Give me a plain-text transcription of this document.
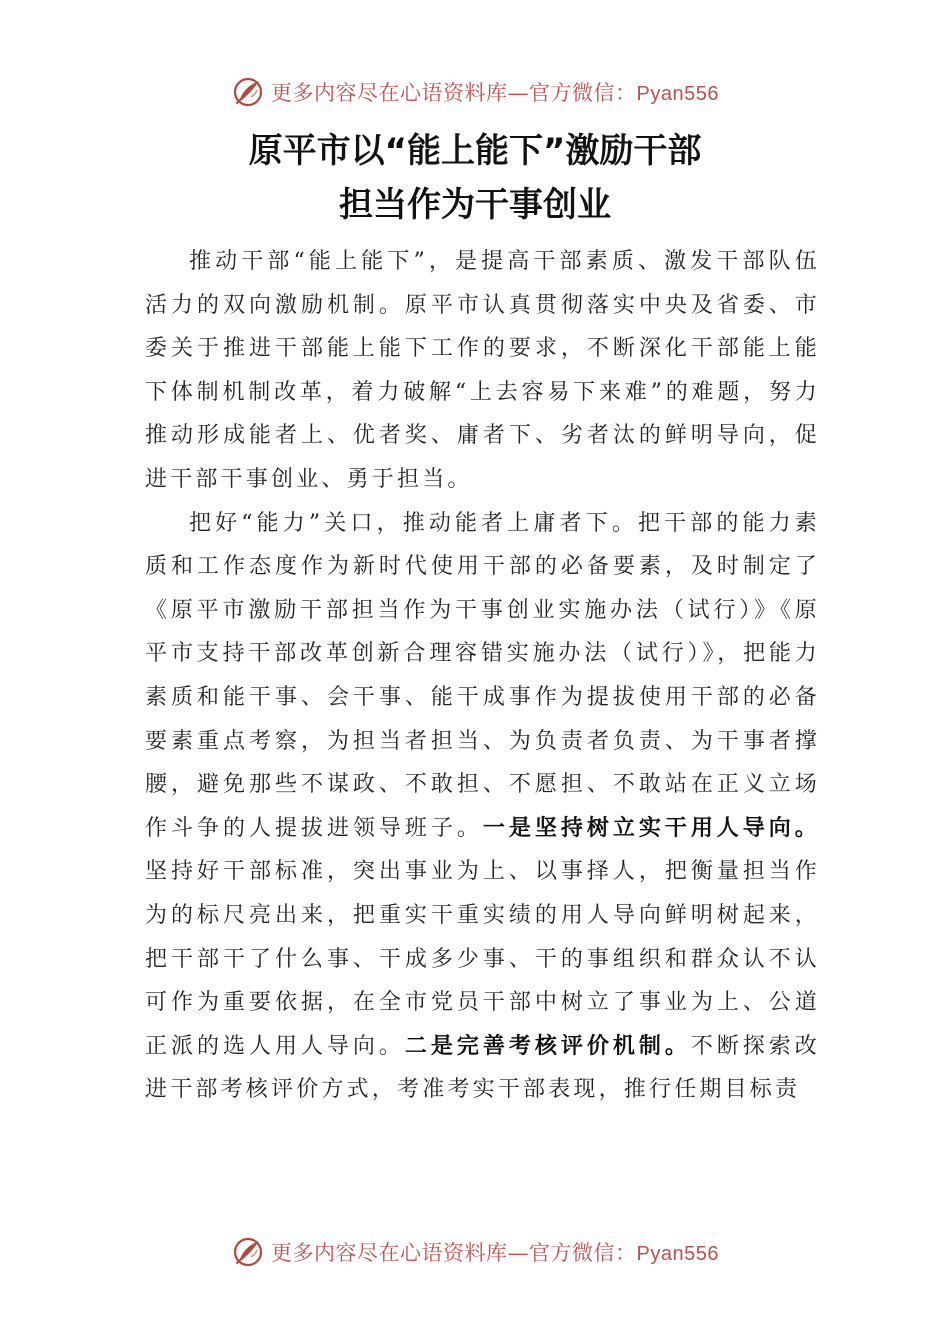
更多内容尽在心语资料库—官方微信：Pyan556
原平市以“能上能下”激励干部
担当作为干事创业

推动干部“能上能下”，是提高干部素质、激发干部队伍活力的双向激励机制。原平市认真贯彻落实中央及省委、市委关于推进干部能上能下工作的要求，不断深化干部能上能下体制机制改革，着力破解“上去容易下来难”的难题，努力推动形成能者上、优者奖、庸者下、劣者汰的鲜明导向，促进干部干事创业、勇于担当。

把好“能力”关口，推动能者上庸者下。把干部的能力素质和工作态度作为新时代使用干部的必备要素，及时制定了《原平市激励干部担当作为干事创业实施办法（试行）》《原平市支持干部改革创新合理容错实施办法（试行）》，把能力素质和能干事、会干事、能干成事作为提拔使用干部的必备要素重点考察，为担当者担当、为负责者负责、为干事者撑腰，避免那些不谋政、不敢担、不愿担、不敢站在正义立场作斗争的人提拔进领导班子。一是坚持树立实干用人导向。坚持好干部标准，突出事业为上、以事择人，把衡量担当作为的标尺亮出来，把重实干重实绩的用人导向鲜明树起来，把干部干了什么事、干成多少事、干的事组织和群众认不认可作为重要依据，在全市党员干部中树立了事业为上、公道正派的选人用人导向。二是完善考核评价机制。不断探索改进干部考核评价方式，考准考实干部表现，推行任期目标责

更多内容尽在心语资料库—官方微信：Pyan556
